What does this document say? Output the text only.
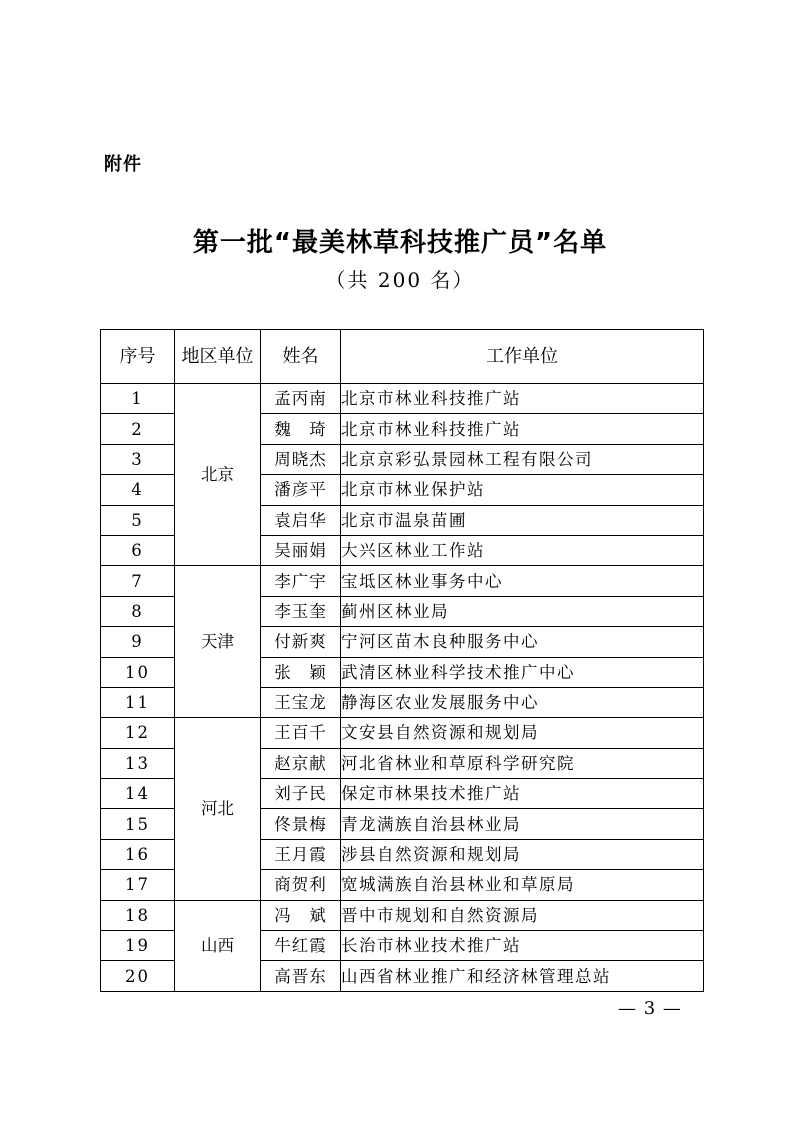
附件
第一批“最美林草科技推广员”名单
（共 200 名）
序号	地区单位	姓名	工作单位
1	北京	孟丙南	北京市林业科技推广站
2		魏　琦	北京市林业科技推广站
3		周晓杰	北京京彩弘景园林工程有限公司
4		潘彦平	北京市林业保护站
5		袁启华	北京市温泉苗圃
6		吴丽娟	大兴区林业工作站
7	天津	李广宇	宝坻区林业事务中心
8		李玉奎	蓟州区林业局
9		付新爽	宁河区苗木良种服务中心
10		张　颖	武清区林业科学技术推广中心
11		王宝龙	静海区农业发展服务中心
12	河北	王百千	文安县自然资源和规划局
13		赵京献	河北省林业和草原科学研究院
14		刘子民	保定市林果技术推广站
15		佟景梅	青龙满族自治县林业局
16		王月霞	涉县自然资源和规划局
17		商贺利	宽城满族自治县林业和草原局
18	山西	冯　斌	晋中市规划和自然资源局
19		牛红霞	长治市林业技术推广站
20		高晋东	山西省林业推广和经济林管理总站
— 3 —
